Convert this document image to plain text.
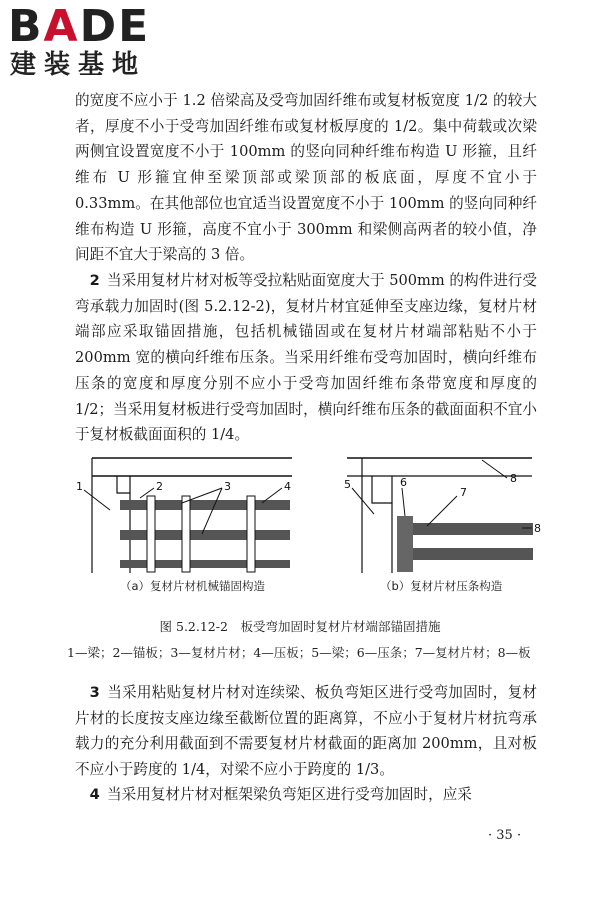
BADE
建装基地

的宽度不应小于 1.2 倍梁高及受弯加固纤维布或复材板宽度 1/2 的较大者，厚度不小于受弯加固纤维布或复材板厚度的 1/2。集中荷载或次梁两侧宜设置宽度不小于 100mm 的竖向同种纤维布构造 U 形箍，且纤维布 U 形箍宜伸至梁顶部或梁顶部的板底面，厚度不宜小于 0.33mm。在其他部位也宜适当设置宽度不小于 100mm 的竖向同种纤维布构造 U 形箍，高度不宜小于 300mm 和梁侧高两者的较小值，净间距不宜大于梁高的 3 倍。

 2  当采用复材片材对板等受拉粘贴面宽度大于 500mm 的构件进行受弯承载力加固时(图 5.2.12-2)，复材片材宜延伸至支座边缘，复材片材端部应采取锚固措施，包括机械锚固或在复材片材端部粘贴不小于 200mm 宽的横向纤维布压条。当采用纤维布受弯加固时，横向纤维布压条的宽度和厚度分别不应小于受弯加固纤维布条带宽度和厚度的 1/2；当采用复材板进行受弯加固时，横向纤维布压条的截面面积不宜小于复材板截面面积的 1/4。

1	2	3	4	5	6
7
8
8
（a）复材片材机械锚固构造	（b）复材片材压条构造
图 5.2.12-2　板受弯加固时复材片材端部锚固措施
1—梁；2—锚板；3—复材片材；4—压板；5—梁；6—压条；7—复材片材；8—板

 3  当采用粘贴复材片材对连续梁、板负弯矩区进行受弯加固时，复材片材的长度按支座边缘至截断位置的距离算，不应小于复材片材抗弯承载力的充分利用截面到不需要复材片材截面的距离加 200mm，且对板不应小于跨度的 1/4，对梁不应小于跨度的 1/3。

 4  当采用复材片材对框架梁负弯矩区进行受弯加固时，应采

· 35 ·
